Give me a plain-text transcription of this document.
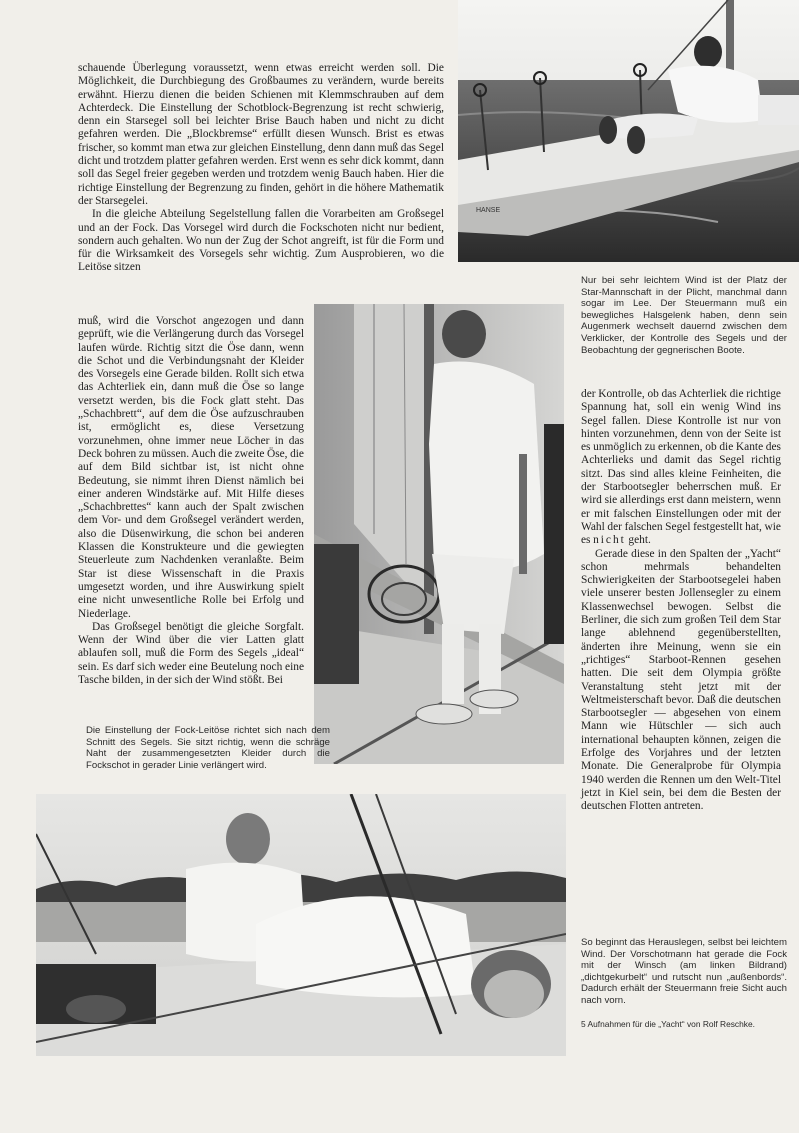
HANSE

schauende Überlegung voraussetzt, wenn etwas erreicht werden soll. Die Möglichkeit, die Durchbiegung des Großbaumes zu verändern, wurde bereits erwähnt. Hierzu dienen die beiden Schienen mit Klemmschrauben auf dem Achterdeck. Die Einstellung der Schotblock-Begrenzung ist recht schwierig, denn ein Starsegel soll bei leichter Brise Bauch haben und nicht zu dicht gefahren werden. Die „Blockbremse“ erfüllt diesen Wunsch. Brist es etwas frischer, so kommt man etwa zur gleichen Einstellung, denn dann muß das Segel dicht und trotzdem platter gefahren werden. Erst wenn es sehr dick kommt, dann soll das Segel freier gegeben werden und trotzdem wenig Bauch haben. Hier die richtige Einstellung der Begrenzung zu finden, gehört in die höhere Mathematik der Starsegelei.

In die gleiche Abteilung Segelstellung fallen die Vorarbeiten am Großsegel und an der Fock. Das Vorsegel wird durch die Fockschoten nicht nur bedient, sondern auch gehalten. Wo nun der Zug der Schot angreift, ist für die Form und für die Wirksamkeit des Vorsegels sehr wichtig. Zum Ausprobieren, wo die Leitöse sitzen

muß, wird die Vorschot angezogen und dann geprüft, wie die Verlängerung durch das Vorsegel laufen würde. Richtig sitzt die Öse dann, wenn die Schot und die Verbindungsnaht der Kleider des Vorsegels eine Gerade bilden. Rollt sich etwa das Achterliek ein, dann muß die Öse so lange versetzt werden, bis die Fock glatt steht. Das „Schachbrett“, auf dem die Öse aufzuschrauben ist, ermöglicht es, diese Versetzung vorzunehmen, ohne immer neue Löcher in das Deck bohren zu müssen. Auch die zweite Öse, die auf dem Bild sichtbar ist, ist nicht ohne Bedeutung, sie nimmt ihren Dienst nämlich bei einer anderen Windstärke auf. Mit Hilfe dieses „Schachbrettes“ kann auch der Spalt zwischen dem Vor- und dem Großsegel verändert werden, also die Düsenwirkung, die schon bei anderen Klassen die Konstrukteure und die gewiegten Steuerleute zum Nachdenken veranlaßte. Beim Star ist diese Wissenschaft in die Praxis umgesetzt worden, und ihre Auswirkung spielt eine nicht unwesentliche Rolle bei Erfolg und Niederlage.

Das Großsegel benötigt die gleiche Sorgfalt. Wenn der Wind über die vier Latten glatt ablaufen soll, muß die Form des Segels „ideal“ sein. Es darf sich weder eine Beutelung noch eine Tasche bilden, in der sich der Wind stößt. Bei

Nur bei sehr leichtem Wind ist der Platz der Star-Mannschaft in der Plicht, manchmal dann sogar im Lee. Der Steuermann muß ein bewegliches Halsgelenk haben, denn sein Augenmerk wechselt dauernd zwischen dem Verklicker, der Kontrolle des Segels und der Beobachtung der gegnerischen Boote.

der Kontrolle, ob das Achterliek die richtige Spannung hat, soll ein wenig Wind ins Segel fallen. Diese Kontrolle ist nur von hinten vorzunehmen, denn von der Seite ist es unmöglich zu erkennen, ob die Kante des Achterlieks und damit das Segel richtig sitzt. Das sind alles kleine Feinheiten, die der Starbootsegler beherrschen muß. Er wird sie allerdings erst dann meistern, wenn er mit falschen Einstellungen oder mit der Wahl der falschen Segel festgestellt hat, wie es nicht geht.

Gerade diese in den Spalten der „Yacht“ schon mehrmals behandelten Schwierigkeiten der Starbootsegelei haben viele unserer besten Jollensegler zu einem Klassenwechsel bewogen. Selbst die Berliner, die sich zum großen Teil dem Star lange ablehnend gegenüberstellten, änderten ihre Meinung, wenn sie ein „richtiges“ Starboot-Rennen gesehen hatten. Die seit dem Olympia größte Veranstaltung steht jetzt mit der Weltmeisterschaft bevor. Daß die deutschen Starbootsegler — abgesehen von einem Mann wie Hütschler — sich auch international behaupten können, zeigen die Erfolge des Vorjahres und der letzten Monate. Die Generalprobe für Olympia 1940 werden die Rennen um den Welt-Titel jetzt in Kiel sein, bei dem die Besten der deutschen Flotten antreten.

Die Einstellung der Fock-Leitöse richtet sich nach dem Schnitt des Segels. Sie sitzt richtig, wenn die schräge Naht der zusammengesetzten Kleider durch die Fockschot in gerader Linie verlängert wird.
So beginnt das Herauslegen, selbst bei leichtem Wind. Der Vorschotmann hat gerade die Fock mit der Winsch (am linken Bildrand) „dichtgekurbelt“ und rutscht nun „außenbords“. Dadurch erhält der Steuermann freie Sicht auch nach vorn.
5 Aufnahmen für die „Yacht“ von Rolf Reschke.
